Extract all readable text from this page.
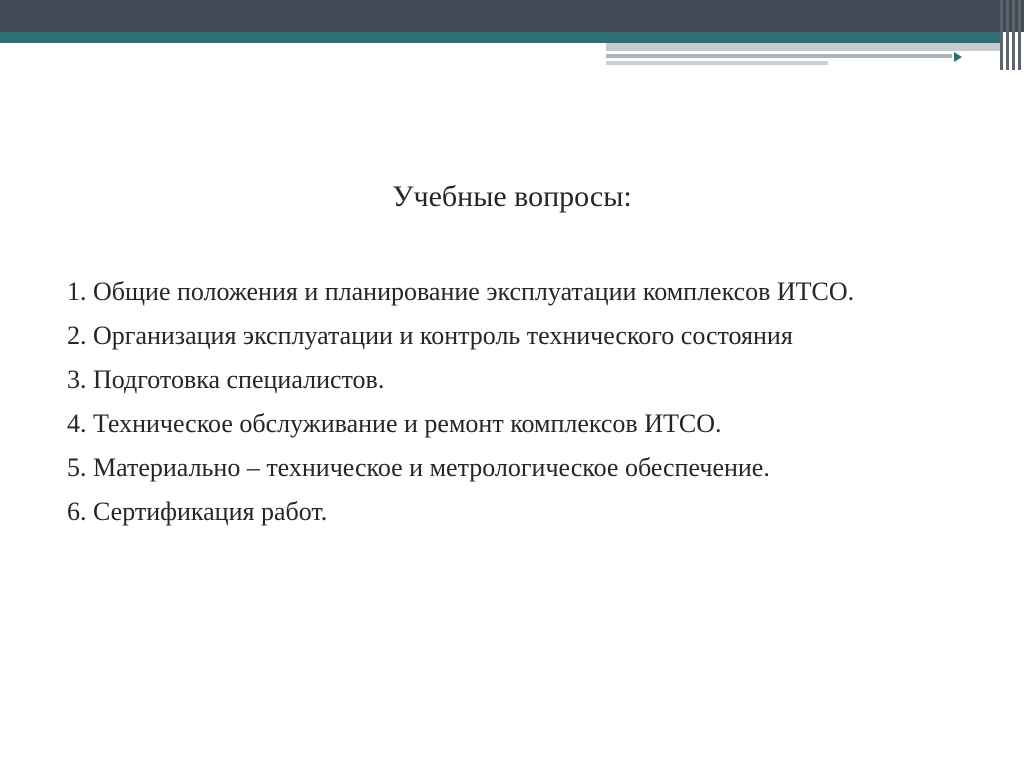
Учебные вопросы:
1. Общие положения и планирование эксплуатации комплексов ИТСО.
2. Организация эксплуатации и контроль технического состояния
3. Подготовка специалистов.
4. Техническое обслуживание и ремонт комплексов ИТСО.
5. Материально – техническое и метрологическое обеспечение.
6. Сертификация работ.
